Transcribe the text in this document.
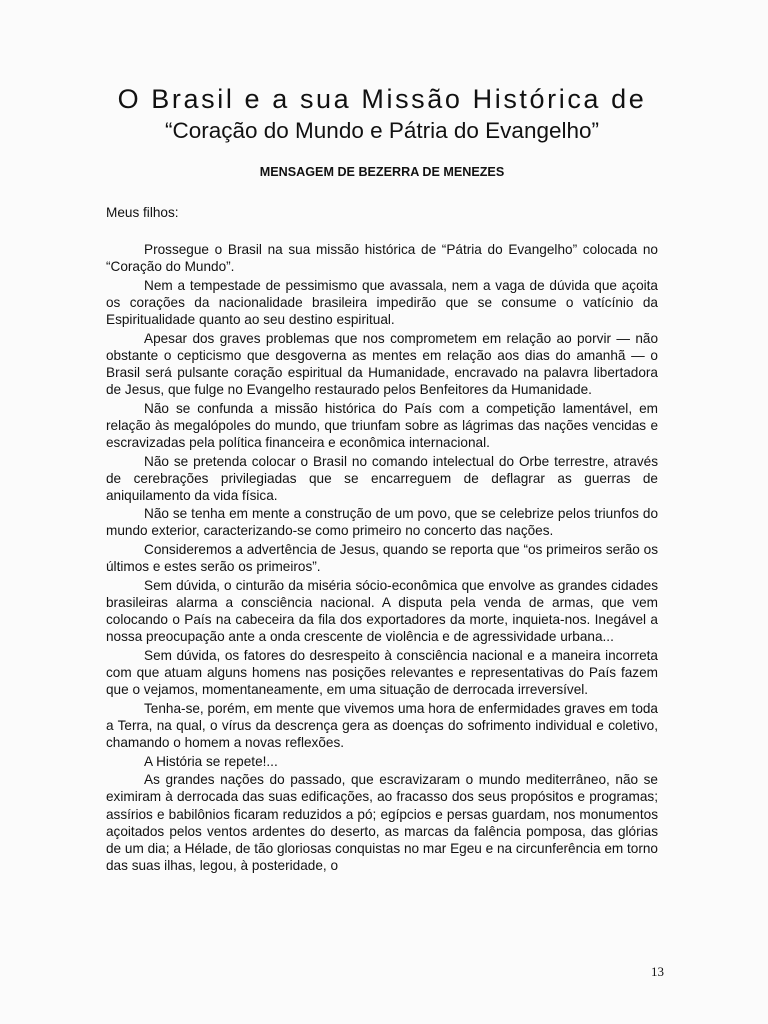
O Brasil e a sua Missão Histórica de
“Coração do Mundo e Pátria do Evangelho”
MENSAGEM DE BEZERRA DE MENEZES
Meus filhos:

Prossegue o Brasil na sua missão histórica de “Pátria do Evangelho” colocada no “Coração do Mundo”.

Nem a tempestade de pessimismo que avassala, nem a vaga de dúvida que açoita os corações da nacionalidade brasileira impedirão que se consume o vatícínio da Espiritualidade quanto ao seu destino espiritual.

Apesar dos graves problemas que nos comprometem em relação ao porvir — não obstante o cepticismo que desgoverna as mentes em relação aos dias do amanhã — o Brasil será pulsante coração espiritual da Humanidade, encravado na palavra libertadora de Jesus, que fulge no Evangelho restaurado pelos Benfeitores da Humanidade.

Não se confunda a missão histórica do País com a competição lamentável, em relação às megalópoles do mundo, que triunfam sobre as lágrimas das nações vencidas e escravizadas pela política financeira e econômica internacional.

Não se pretenda colocar o Brasil no comando intelectual do Orbe terrestre, através de cerebrações privilegiadas que se encarreguem de deflagrar as guerras de aniquilamento da vida física.

Não se tenha em mente a construção de um povo, que se celebrize pelos triunfos do mundo exterior, caracterizando-se como primeiro no concerto das nações.

Consideremos a advertência de Jesus, quando se reporta que “os primeiros serão os últimos e estes serão os primeiros”.

Sem dúvida, o cinturão da miséria sócio-econômica que envolve as grandes cidades brasileiras alarma a consciência nacional. A disputa pela venda de armas, que vem colocando o País na cabeceira da fila dos exportadores da morte, inquieta-nos. Inegável a nossa preocupação ante a onda crescente de violência e de agressividade urbana...

Sem dúvida, os fatores do desrespeito à consciência nacional e a maneira incorreta com que atuam alguns homens nas posições relevantes e representativas do País fazem que o vejamos, momentaneamente, em uma situação de derrocada irreversível.

Tenha-se, porém, em mente que vivemos uma hora de enfermidades graves em toda a Terra, na qual, o vírus da descrença gera as doenças do sofrimento individual e coletivo, chamando o homem a novas reflexões.

A História se repete!...

As grandes nações do passado, que escravizaram o mundo mediterrâneo, não se eximiram à derrocada das suas edificações, ao fracasso dos seus propósitos e programas; assírios e babilônios ficaram reduzidos a pó; egípcios e persas guardam, nos monumentos açoitados pelos ventos ardentes do deserto, as marcas da falência pomposa, das glórias de um dia; a Hélade, de tão gloriosas conquistas no mar Egeu e na circunferência em torno das suas ilhas, legou, à posteridade, o

13
